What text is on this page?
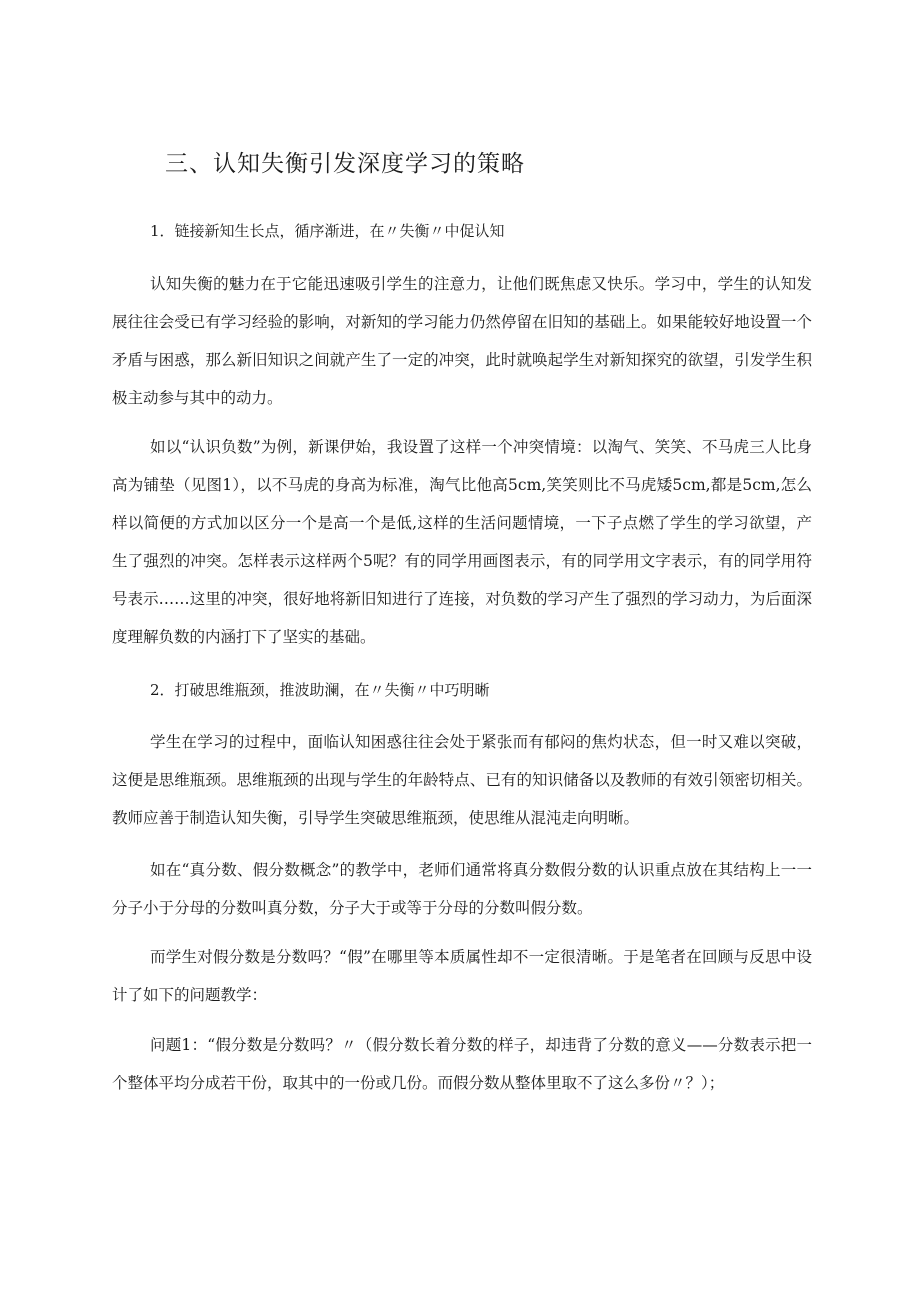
三、认知失衡引发深度学习的策略

1．链接新知生长点，循序渐进，在〃失衡〃中促认知

认知失衡的魅力在于它能迅速吸引学生的注意力，让他们既焦虑又快乐。学习中，学生的认知发展往往会受已有学习经验的影响，对新知的学习能力仍然停留在旧知的基础上。如果能较好地设置一个矛盾与困惑，那么新旧知识之间就产生了一定的冲突，此时就唤起学生对新知探究的欲望，引发学生积极主动参与其中的动力。

如以“认识负数”为例，新课伊始，我设置了这样一个冲突情境：以淘气、笑笑、不马虎三人比身高为铺垫（见图1），以不马虎的身高为标准，淘气比他高5cm,笑笑则比不马虎矮5cm,都是5cm,怎么样以简便的方式加以区分一个是高一个是低,这样的生活问题情境，一下子点燃了学生的学习欲望，产生了强烈的冲突。怎样表示这样两个5呢？有的同学用画图表示，有的同学用文字表示，有的同学用符号表示……这里的冲突，很好地将新旧知进行了连接，对负数的学习产生了强烈的学习动力，为后面深度理解负数的内涵打下了坚实的基础。

2．打破思维瓶颈，推波助澜，在〃失衡〃中巧明晰

学生在学习的过程中，面临认知困惑往往会处于紧张而有郁闷的焦灼状态，但一时又难以突破，这便是思维瓶颈。思维瓶颈的出现与学生的年龄特点、已有的知识储备以及教师的有效引领密切相关。教师应善于制造认知失衡，引导学生突破思维瓶颈，使思维从混沌走向明晰。

如在“真分数、假分数概念”的教学中，老师们通常将真分数假分数的认识重点放在其结构上一一分子小于分母的分数叫真分数，分子大于或等于分母的分数叫假分数。

而学生对假分数是分数吗？“假”在哪里等本质属性却不一定很清晰。于是笔者在回顾与反思中设计了如下的问题教学：

问题1：“假分数是分数吗？〃（假分数长着分数的样子，却违背了分数的意义——分数表示把一个整体平均分成若干份，取其中的一份或几份。而假分数从整体里取不了这么多份〃？）；
